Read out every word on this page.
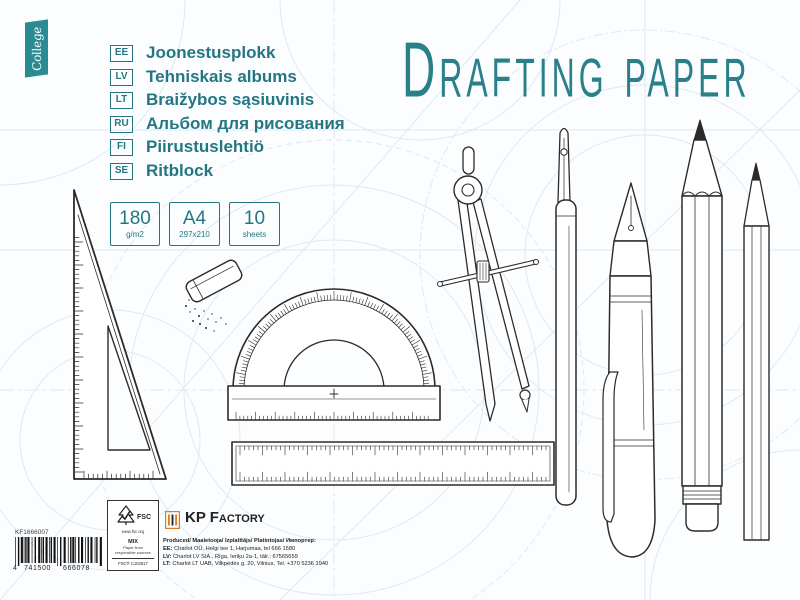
College	EE Joonestusplokk
LV	Tehniskais albums
LT	Braižybos sąsiuvinis
RU Альбом для рисования
FI	Piirustuslehtiö
SE Ritblock
Drafting paper
180
g/m2
A4
297x210
10
sheets
KF1666007
4 741500 666078
FSC
www.fsc.org
MIX
Paper from responsible sources
FSC® C102617
KP Factory
Produced/ Maaletooja/ Izplatītājs/ Platintojas/ Импортер:
EE: Charlot OÜ, Helgi tee 1, Harjumaa, tel 666 1580
LV: Charlot LV SIA., Rīga, Ieriķu 2a-1, tālr.: 67565659
LT: Charlot LT UAB, Vilkpėdės g. 20, Vilnius, Tel. +370 5236 1940
